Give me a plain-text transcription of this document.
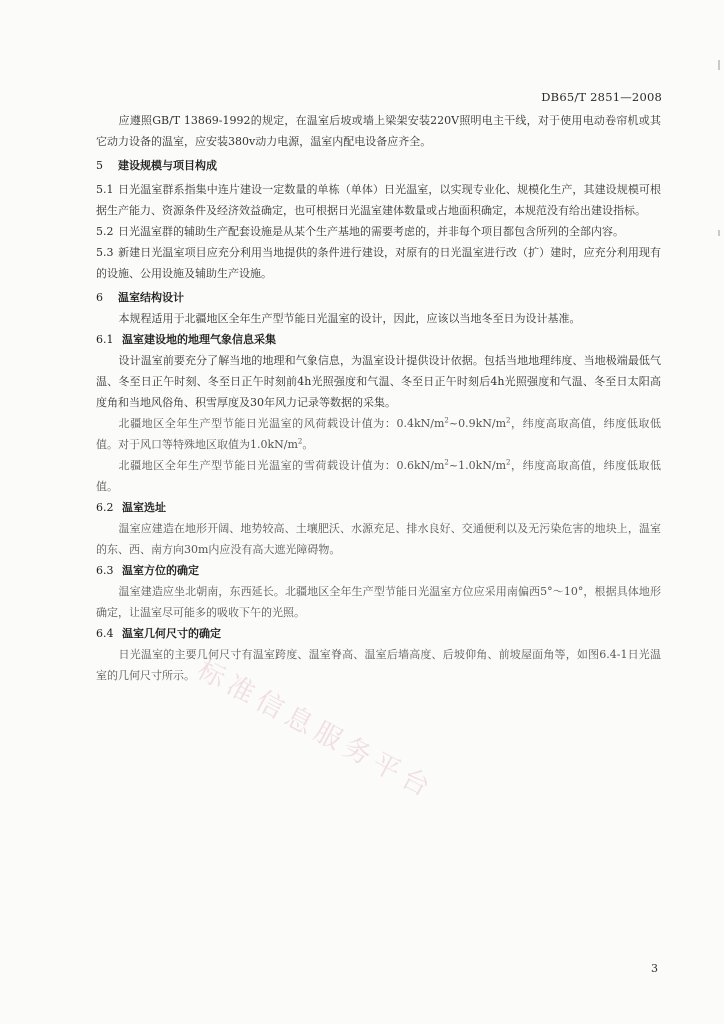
DB65/T 2851—2008

应遵照GB/T 13869-1992的规定，在温室后坡或墙上梁架安装220V照明电主干线，对于使用电动卷帘机或其它动力设备的温室，应安装380v动力电源，温室内配电设备应齐全。

5 建设规模与项目构成

5.1 日光温室群系指集中连片建设一定数量的单栋（单体）日光温室，以实现专业化、规模化生产，其建设规模可根据生产能力、资源条件及经济效益确定，也可根据日光温室建体数量或占地面积确定，本规范没有给出建设指标。

5.2 日光温室群的辅助生产配套设施是从某个生产基地的需要考虑的，并非每个项目都包含所列的全部内容。

5.3 新建日光温室项目应充分利用当地提供的条件进行建设，对原有的日光温室进行改（扩）建时，应充分利用现有的设施、公用设施及辅助生产设施。

6 温室结构设计

本规程适用于北疆地区全年生产型节能日光温室的设计，因此，应该以当地冬至日为设计基准。

6.1 温室建设地的地理气象信息采集

设计温室前要充分了解当地的地理和气象信息，为温室设计提供设计依据。包括当地地理纬度、当地极端最低气温、冬至日正午时刻、冬至日正午时刻前4h光照强度和气温、冬至日正午时刻后4h光照强度和气温、冬至日太阳高度角和当地风俗角、积雪厚度及30年风力记录等数据的采集。

北疆地区全年生产型节能日光温室的风荷载设计值为：$0.4kN/m^2\sim 0.9kN/m^2$，纬度高取高值，纬度低取低值。对于风口等特殊地区取值为$1.0kN/m^2$。

北疆地区全年生产型节能日光温室的雪荷载设计值为：$0.6kN/m^2\sim 1.0kN/m^2$，纬度高取高值，纬度低取低值。

6.2 温室选址

温室应建造在地形开阔、地势较高、土壤肥沃、水源充足、排水良好、交通便利以及无污染危害的地块上，温室的东、西、南方向30m内应没有高大遮光障碍物。

6.3 温室方位的确定

温室建造应坐北朝南，东西延长。北疆地区全年生产型节能日光温室方位应采用南偏西5°～10°，根据具体地形确定，让温室尽可能多的吸收下午的光照。

6.4 温室几何尺寸的确定

日光温室的主要几何尺寸有温室跨度、温室脊高、温室后墙高度、后坡仰角、前坡屋面角等，如图6.4-1日光温室的几何尺寸所示。

标准信息服务平台
3
